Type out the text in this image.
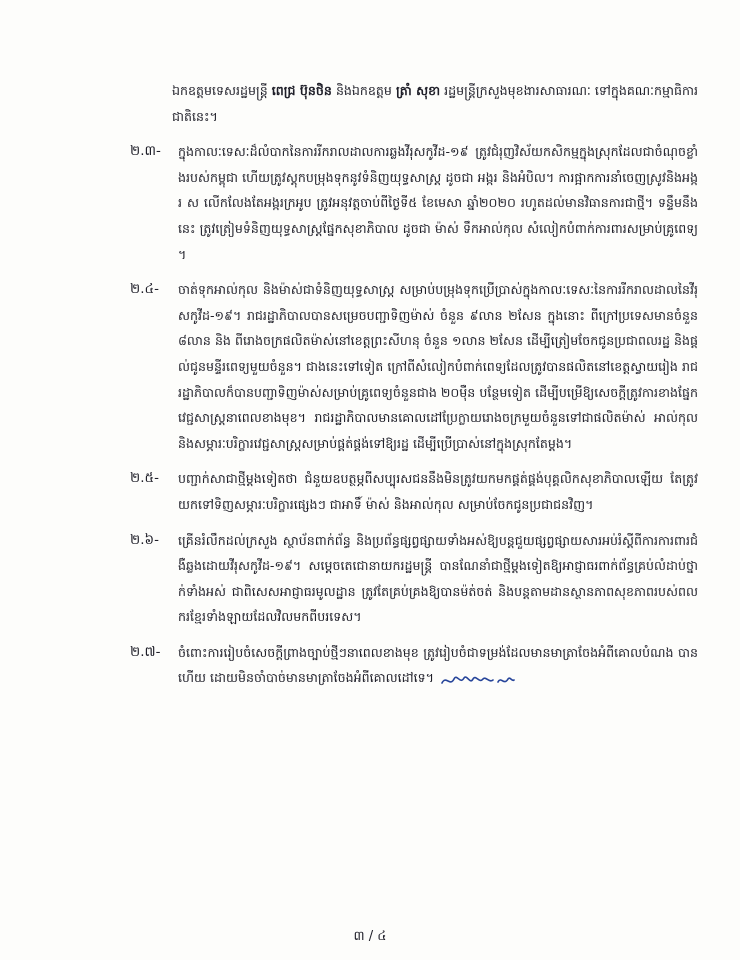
ឯកឧត្តមទេសរដ្ឋមន្ត្រី ពេជ្រ ប៊ុនថិន និងឯកឧត្តម ត្រាំ សុខា រដ្ឋមន្ត្រីក្រសួងមុខងារសាធារណៈ ទៅក្នុងគណៈកម្មាធិការជាតិនេះ។
២.៣-	ក្នុងកាលៈទេសៈដ៏លំបាកនៃការរីករាលដាលការឆ្លងវីរុសកូវីដ-១៩ ត្រូវជំរុញវិស័យកសិកម្មក្នុងស្រុកដែលជាចំណុចខ្លាំងរបស់កម្ពុជា ហើយត្រូវស្តុកបម្រុងទុកនូវទំនិញយុទ្ធសាស្ត្រ ដូចជា អង្ករ និងអំបិល។ ការផ្អាកការនាំចេញស្រូវនិងអង្ករ ស លើកលែងតែអង្ករក្រអូប ត្រូវអនុវត្តចាប់ពីថ្ងៃទី៥ ខែមេសា ឆ្នាំ២០២០ រហូតដល់មានវិធានការជាថ្មី។ ទន្ទឹមនឹងនេះ ត្រូវត្រៀមទំនិញយុទ្ធសាស្ត្រផ្នែកសុខាភិបាល ដូចជា ម៉ាស់ ទឹកអាល់កុល សំលៀកបំពាក់ការពារសម្រាប់គ្រូពេទ្យ។
២.៤-	ចាត់ទុកអាល់កុល និងម៉ាស់ជាទំនិញយុទ្ធសាស្ត្រ សម្រាប់បម្រុងទុកប្រើប្រាស់ក្នុងកាលៈទេសៈនៃការរីករាលដាលនៃវីរុសកូវីដ-១៩។ រាជរដ្ឋាភិបាលបានសម្រេចបញ្ជាទិញម៉ាស់ ចំនួន ៩លាន ២សែន ក្នុងនោះ ពីក្រៅប្រទេសមានចំនួន ៨លាន និង ពីរោងចក្រផលិតម៉ាស់នៅខេត្តព្រះសីហនុ ចំនួន ១លាន ២សែន ដើម្បីត្រៀមចែកជូនប្រជាពលរដ្ឋ និងផ្តល់ជូនមន្ទីរពេទ្យមួយចំនួន។ ជាងនេះទៅទៀត ក្រៅពីសំលៀកបំពាក់ពេទ្យដែលត្រូវបានផលិតនៅខេត្តស្វាយរៀង រាជរដ្ឋាភិបាលក៏បានបញ្ជាទិញម៉ាស់សម្រាប់គ្រូពេទ្យចំនួនជាង ២០ម៉ឺន បន្ថែមទៀត ដើម្បីបម្រើឱ្យសេចក្តីត្រូវការខាងផ្នែកវេជ្ជសាស្ត្រនាពេលខាងមុខ។ រាជរដ្ឋាភិបាលមានគោលដៅប្រែក្លាយរោងចក្រមួយចំនួនទៅជាផលិតម៉ាស់ អាល់កុល និងសម្ភារៈបរិក្ខារវេជ្ជសាស្ត្រសម្រាប់ផ្គត់ផ្គង់ទៅឱ្យរដ្ឋ ដើម្បីប្រើប្រាស់នៅក្នុងស្រុកតែម្តង។
២.៥-	បញ្ជាក់សាជាថ្មីម្តងទៀតថា ជំនួយឧបត្ថម្ភពីសប្បុរសជននឹងមិនត្រូវយកមកផ្គត់ផ្គង់បុគ្គលិកសុខាភិបាលឡើយ តែត្រូវយកទៅទិញសម្ភារៈបរិក្ខារផ្សេងៗ ជាអាទិ៍ ម៉ាស់ និងអាល់កុល សម្រាប់ចែកជូនប្រជាជនវិញ។
២.៦-	គ្រើនរំលឹកដល់ក្រសួង ស្ថាប័នពាក់ព័ន្ធ និងប្រព័ន្ធផ្សព្វផ្សាយទាំងអស់ឱ្យបន្តជួយផ្សព្វផ្សាយសារអប់រំស្តីពីការការពារជំងឺឆ្លងដោយវីរុសកូវីដ-១៩។ សម្តេចតេជោនាយករដ្ឋមន្ត្រី បានណែនាំជាថ្មីម្តងទៀតឱ្យអាជ្ញាធរពាក់ព័ន្ធគ្រប់លំដាប់ថ្នាក់ទាំងអស់ ជាពិសេសអាជ្ញាធរមូលដ្ឋាន ត្រូវតែគ្រប់គ្រងឱ្យបានម៉ត់ចត់ និងបន្តតាមដានស្ថានភាពសុខភាពរបស់ពលករខ្មែរទាំងឡាយដែលវិលមកពីបរទេស។
២.៧-	ចំពោះការរៀបចំសេចក្តីព្រាងច្បាប់ថ្មីៗនាពេលខាងមុខ ត្រូវរៀបចំជាទម្រង់ដែលមានមាត្រាចែងអំពីគោលបំណង បានហើយ ដោយមិនចាំបាច់មានមាត្រាចែងអំពីគោលដៅទេ។
៣ / ៤
